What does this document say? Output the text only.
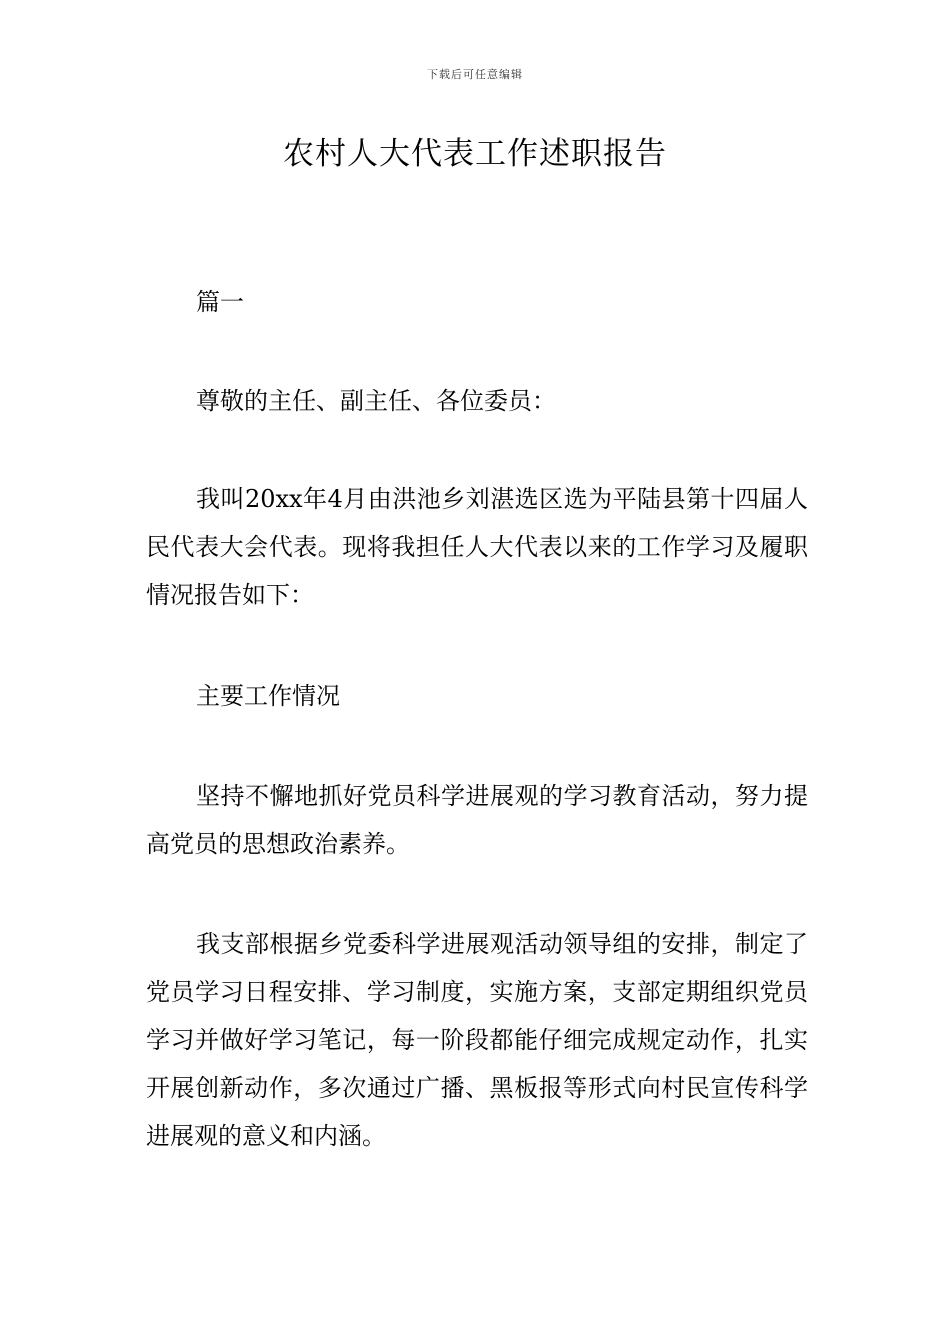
下载后可任意编辑
农村人大代表工作述职报告

篇一

尊敬的主任、副主任、各位委员：

我叫20xx年4月由洪池乡刘湛选区选为平陆县第十四届人民代表大会代表。现将我担任人大代表以来的工作学习及履职情况报告如下：

主要工作情况

坚持不懈地抓好党员科学进展观的学习教育活动，努力提高党员的思想政治素养。

我支部根据乡党委科学进展观活动领导组的安排，制定了党员学习日程安排、学习制度，实施方案，支部定期组织党员学习并做好学习笔记，每一阶段都能仔细完成规定动作，扎实开展创新动作，多次通过广播、黑板报等形式向村民宣传科学进展观的意义和内涵。
